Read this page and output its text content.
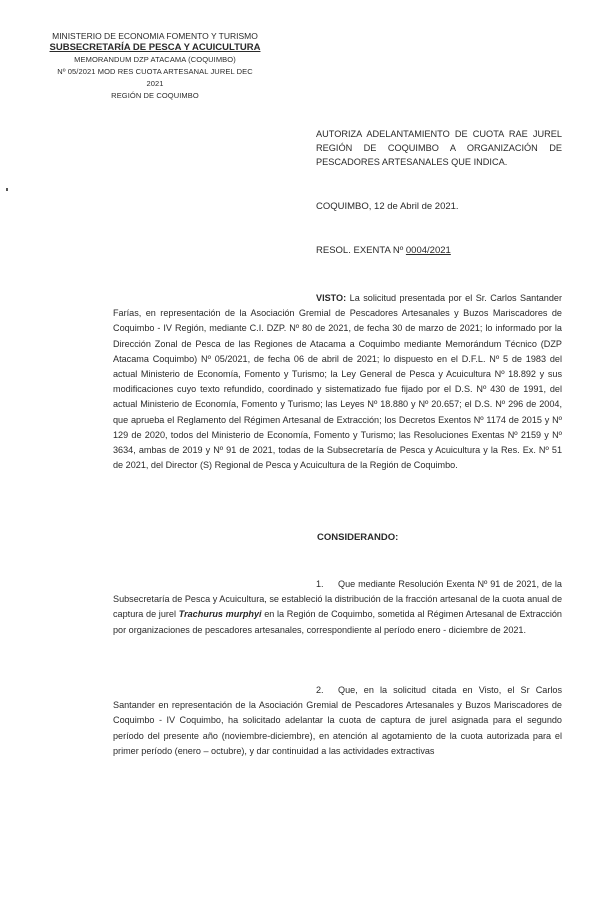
MINISTERIO DE ECONOMIA FOMENTO Y TURISMO
SUBSECRETARÍA DE PESCA Y ACUICULTURA
MEMORANDUM DZP ATACAMA (COQUIMBO)
Nº 05/2021 MOD RES CUOTA ARTESANAL JUREL DEC
2021
REGIÓN DE COQUIMBO
AUTORIZA ADELANTAMIENTO DE CUOTA RAE JUREL REGIÓN DE COQUIMBO A ORGANIZACIÓN DE PESCADORES ARTESANALES QUE INDICA.
COQUIMBO, 12 de Abril de 2021.
RESOL. EXENTA Nº 0004/2021
VISTO: La solicitud presentada por el Sr. Carlos Santander Farías, en representación de la Asociación Gremial de Pescadores Artesanales y Buzos Mariscadores de Coquimbo - IV Región, mediante C.I. DZP. Nº 80 de 2021, de fecha 30 de marzo de 2021; lo informado por la Dirección Zonal de Pesca de las Regiones de Atacama a Coquimbo mediante Memorándum Técnico (DZP Atacama Coquimbo) Nº 05/2021, de fecha 06 de abril de 2021; lo dispuesto en el D.F.L. Nº 5 de 1983 del actual Ministerio de Economía, Fomento y Turismo; la Ley General de Pesca y Acuicultura Nº 18.892 y sus modificaciones cuyo texto refundido, coordinado y sistematizado fue fijado por el D.S. Nº 430 de 1991, del actual Ministerio de Economía, Fomento y Turismo; las Leyes Nº 18.880 y Nº 20.657; el D.S. Nº 296 de 2004, que aprueba el Reglamento del Régimen Artesanal de Extracción; los Decretos Exentos Nº 1174 de 2015 y Nº 129 de 2020, todos del Ministerio de Economía, Fomento y Turismo; las Resoluciones Exentas Nº 2159 y Nº 3634, ambas de 2019 y Nº 91 de 2021, todas de la Subsecretaría de Pesca y Acuicultura y la Res. Ex. Nº 51 de 2021, del Director (S) Regional de Pesca y Acuicultura de la Región de Coquimbo.
CONSIDERANDO:
1. Que mediante Resolución Exenta Nº 91 de 2021, de la Subsecretaría de Pesca y Acuicultura, se estableció la distribución de la fracción artesanal de la cuota anual de captura de jurel Trachurus murphyi en la Región de Coquimbo, sometida al Régimen Artesanal de Extracción por organizaciones de pescadores artesanales, correspondiente al período enero - diciembre de 2021.
2. Que, en la solicitud citada en Visto, el Sr Carlos Santander en representación de la Asociación Gremial de Pescadores Artesanales y Buzos Mariscadores de Coquimbo - IV Coquimbo, ha solicitado adelantar la cuota de captura de jurel asignada para el segundo período del presente año (noviembre-diciembre), en atención al agotamiento de la cuota autorizada para el primer período (enero – octubre), y dar continuidad a las actividades extractivas
